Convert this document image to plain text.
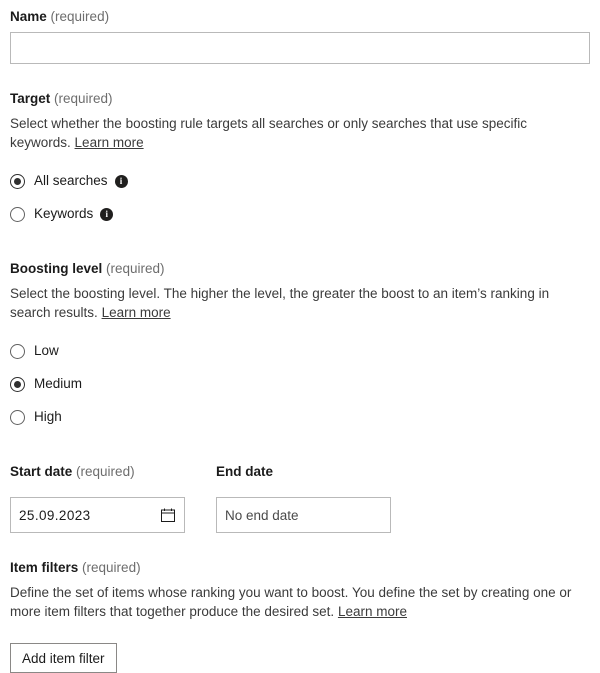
Name (required)
Target (required)
Select whether the boosting rule targets all searches or only searches that use specific keywords. Learn more
All searches	i
Keywords	i
Boosting level (required)
Select the boosting level. The higher the level, the greater the boost to an item’s ranking in search results. Learn more
Low
Medium
High
Start date (required)
25.09.2023
End date
No end date
Item filters (required)
Define the set of items whose ranking you want to boost. You define the set by creating one or more item filters that together produce the desired set. Learn more
Add item filter
